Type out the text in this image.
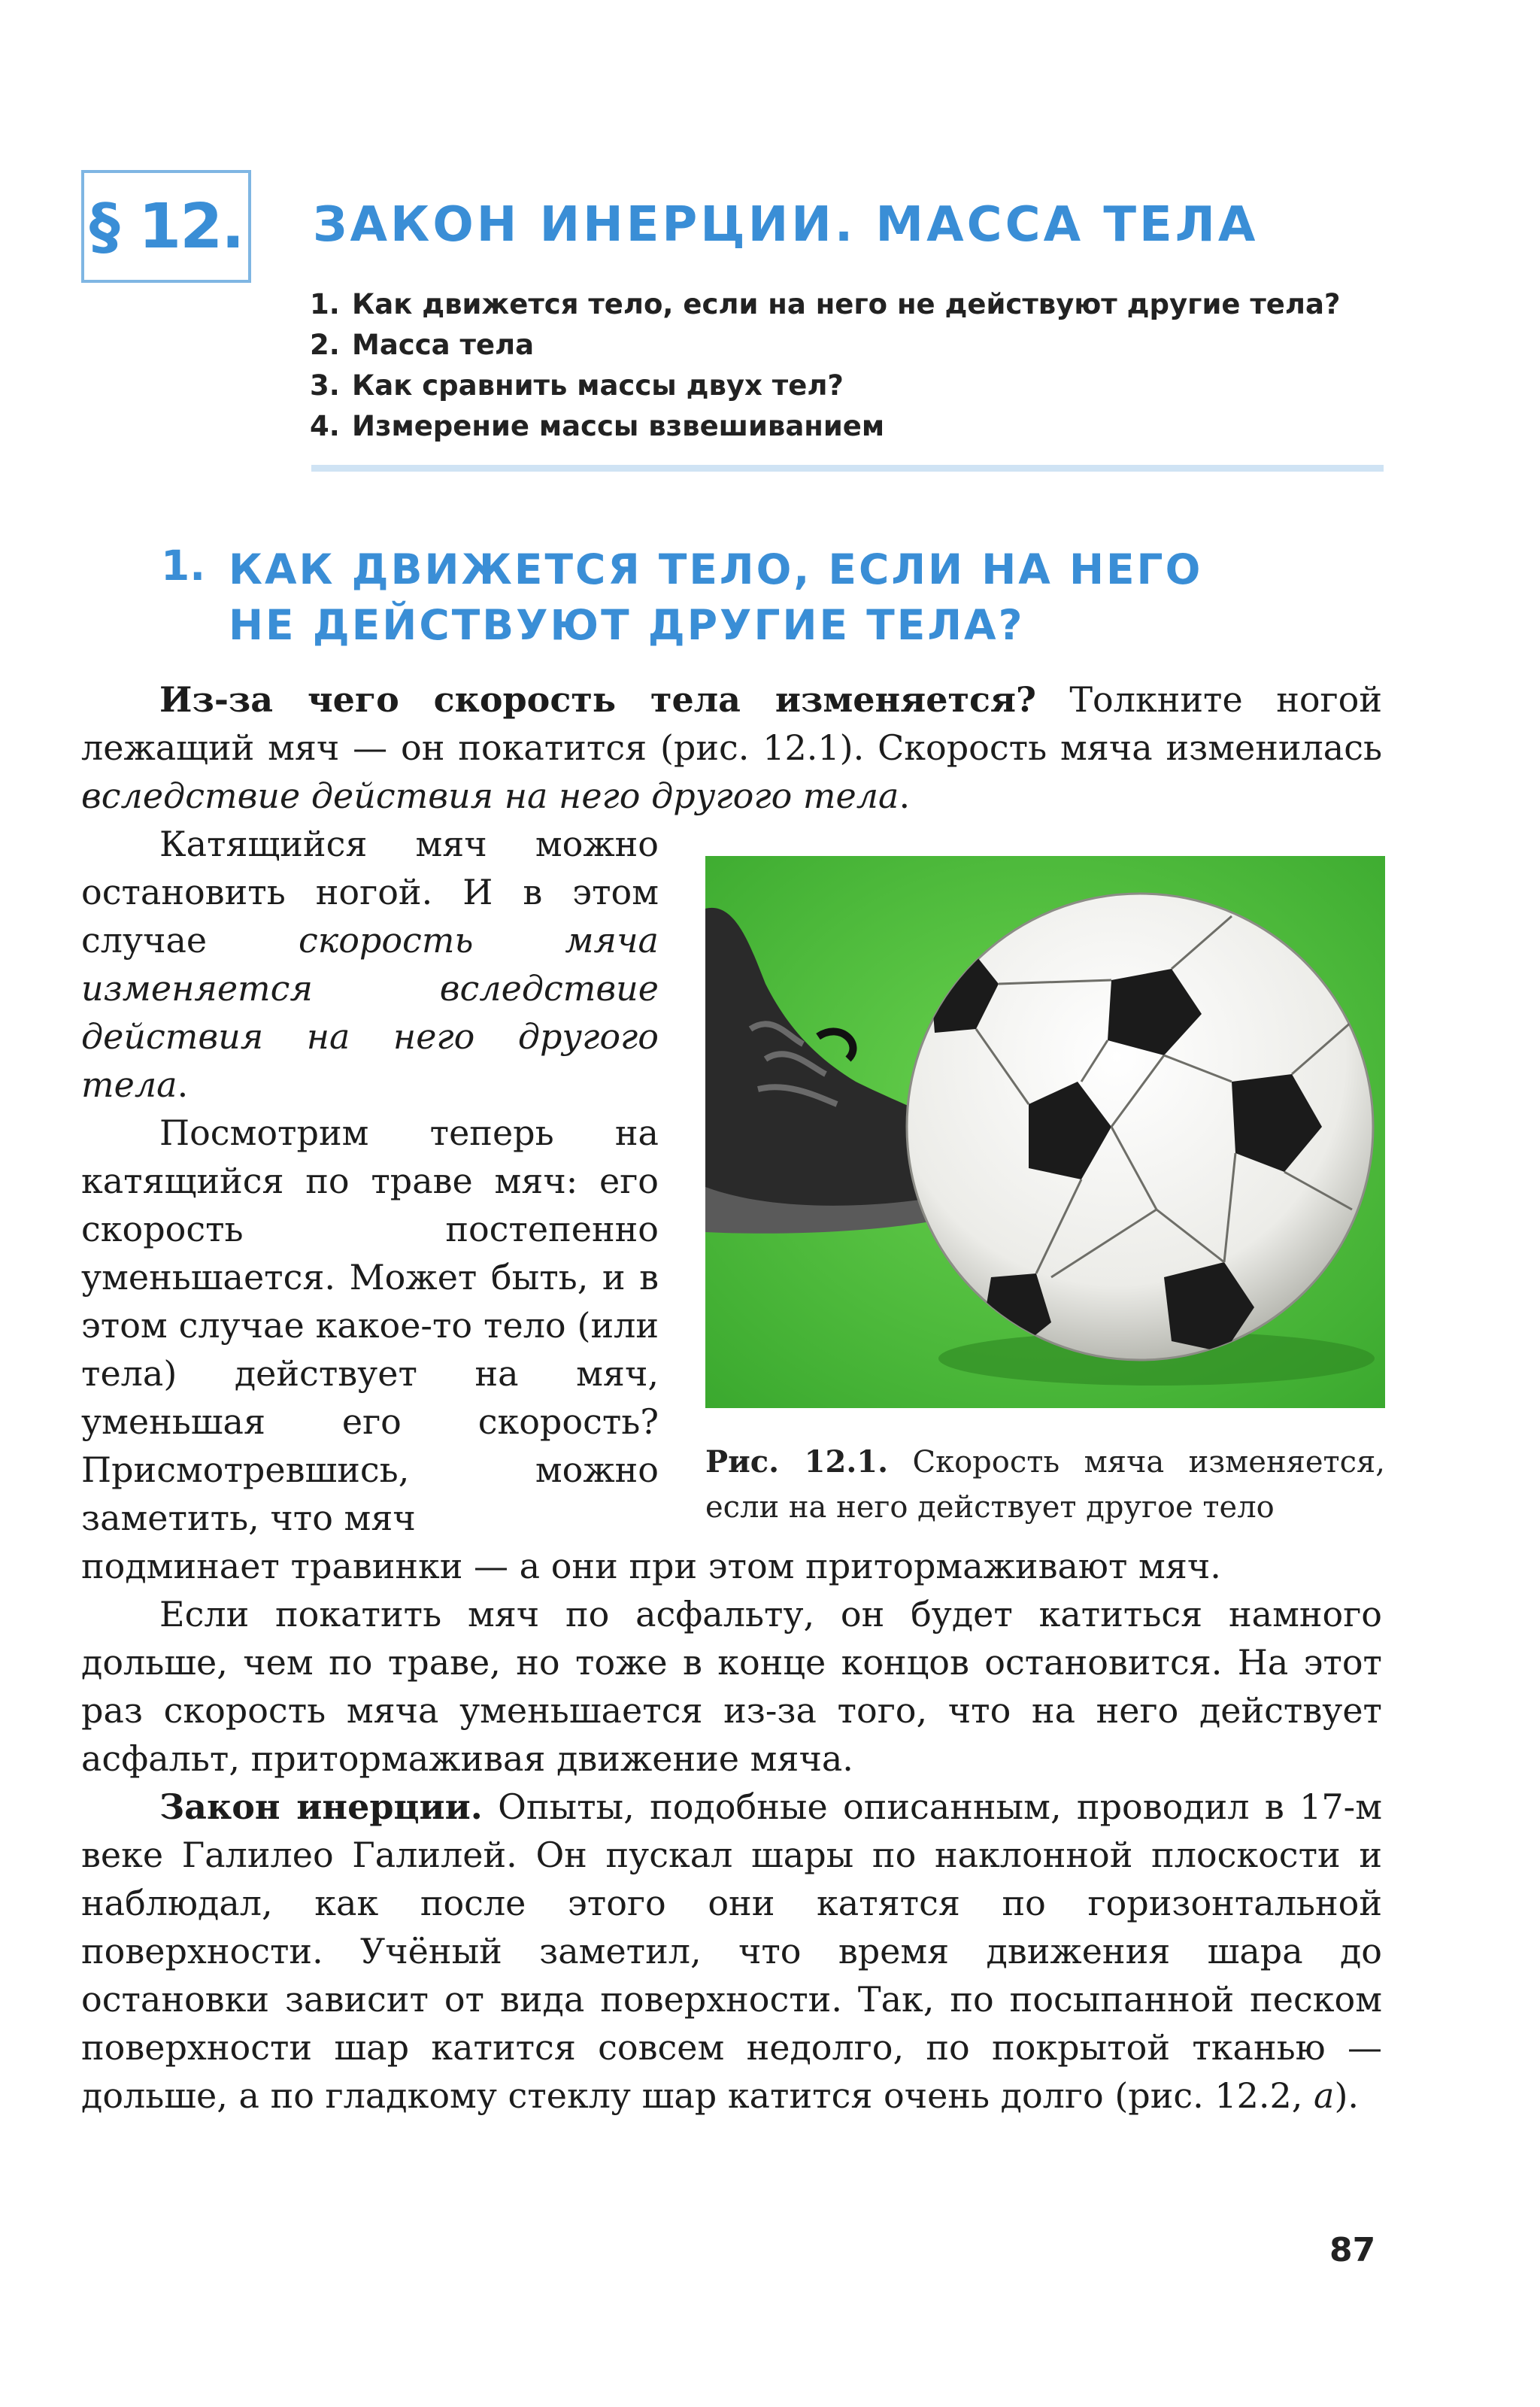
§ 12. ЗАКОН ИНЕРЦИИ. МАССА ТЕЛА
1. Как движется тело, если на него не действуют другие тела?
2. Масса тела
3. Как сравнить массы двух тел?
4. Измерение массы взвешиванием
1. КАК ДВИЖЕТСЯ ТЕЛО, ЕСЛИ НА НЕГО НЕ ДЕЙСТВУЮТ ДРУГИЕ ТЕЛА?

Из-за чего скорость тела изменяется? Толкните ногой лежащий мяч — он покатится (рис. 12.1). Скорость мяча изменилась вследствие действия на него другого тела.

Катящийся мяч можно остановить ногой. И в этом случае скорость мяча изменяется вследствие действия на него другого тела.

Посмотрим теперь на катящийся по траве мяч: его скорость постепенно уменьшается. Может быть, и в этом случае какое-то тело (или тела) действует на мяч, уменьшая его скорость? Присмотревшись, можно заметить, что мяч

подминает травинки — а они при этом притормаживают мяч.

Если покатить мяч по асфальту, он будет катиться намного дольше, чем по траве, но тоже в конце концов остановится. На этот раз скорость мяча уменьшается из-за того, что на него действует асфальт, притормаживая движение мяча.

Закон инерции. Опыты, подобные описанным, проводил в 17-м веке Галилео Галилей. Он пускал шары по наклонной плоскости и наблюдал, как после этого они катятся по горизонтальной поверхности. Учёный заметил, что время движения шара до остановки зависит от вида поверхности. Так, по посыпанной песком поверхности шар катится совсем недолго, по покрытой тканью — дольше, а по гладкому стеклу шар катится очень долго (рис. 12.2, а).

Рис. 12.1. Скорость мяча изменяется, если на него действует другое тело
87
